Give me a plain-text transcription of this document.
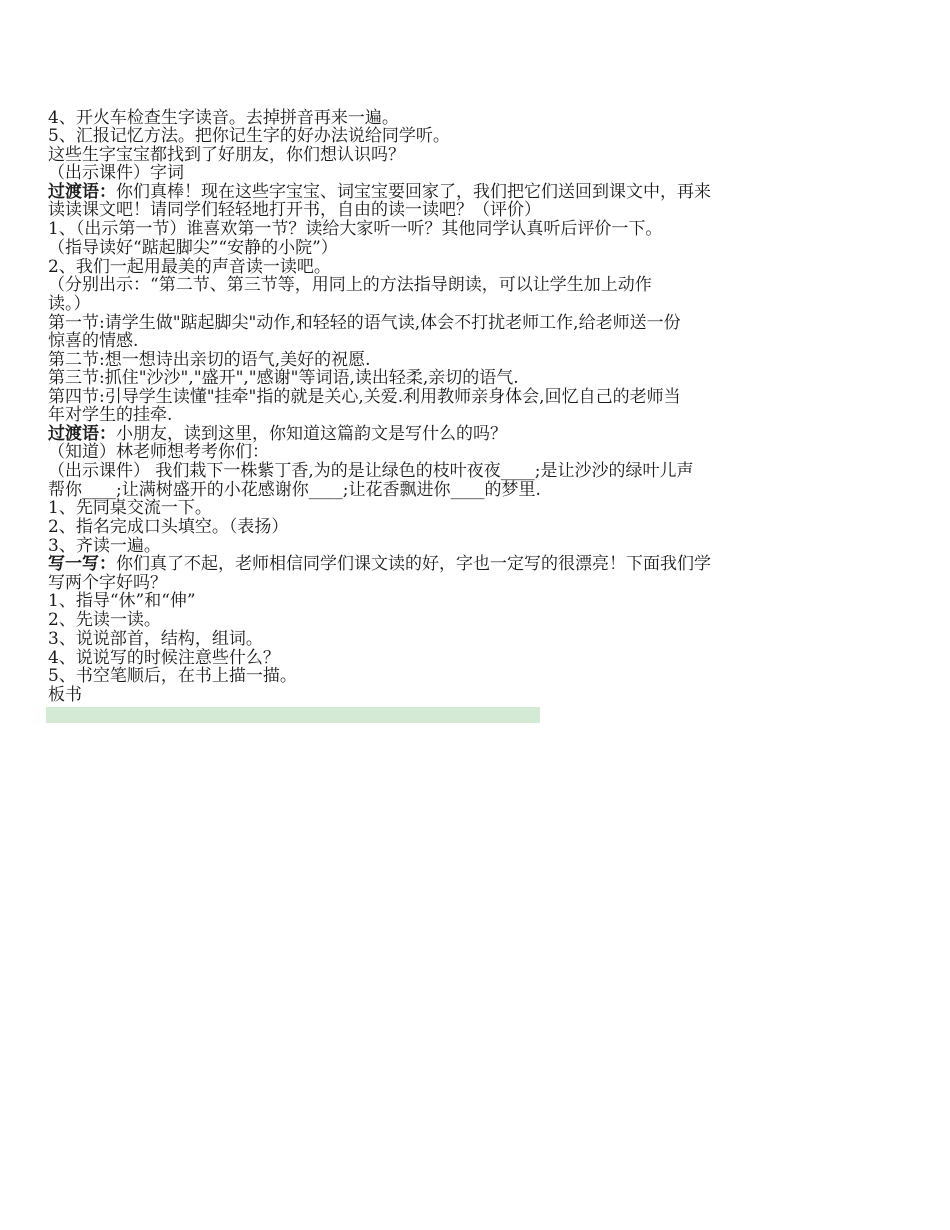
4、开火车检查生字读音。去掉拼音再来一遍。
5、汇报记忆方法。把你记生字的好办法说给同学听。
这些生字宝宝都找到了好朋友，你们想认识吗？
（出示课件）字词
过渡语：你们真棒！现在这些字宝宝、词宝宝要回家了，我们把它们送回到课文中，再来
读读课文吧！请同学们轻轻地打开书，自由的读一读吧？（评价）
1、（出示第一节）谁喜欢第一节？读给大家听一听？其他同学认真听后评价一下。
（指导读好“踮起脚尖”“安静的小院”）
2、我们一起用最美的声音读一读吧。
（分别出示：“第二节、第三节等，用同上的方法指导朗读，可以让学生加上动作
读。）
第一节:请学生做"踮起脚尖"动作,和轻轻的语气读,体会不打扰老师工作,给老师送一份
惊喜的情感.
第二节:想一想诗出亲切的语气,美好的祝愿.
第三节:抓住"沙沙","盛开","感谢"等词语,读出轻柔,亲切的语气.
第四节:引导学生读懂"挂牵"指的就是关心,关爱.利用教师亲身体会,回忆自己的老师当
年对学生的挂牵.
过渡语：小朋友，读到这里，你知道这篇韵文是写什么的吗？
（知道）林老师想考考你们：
（出示课件） 我们栽下一株紫丁香,为的是让绿色的枝叶夜夜____;是让沙沙的绿叶儿声
帮你____;让满树盛开的小花感谢你____;让花香飘进你____的梦里.
1、先同桌交流一下。
2、指名完成口头填空。（表扬）
3、齐读一遍。
写一写：你们真了不起，老师相信同学们课文读的好，字也一定写的很漂亮！下面我们学
写两个字好吗？
1、指导“休”和“伸”
2、先读一读。
3、说说部首，结构，组词。
4、说说写的时候注意些什么？
5、书空笔顺后，在书上描一描。
板书
